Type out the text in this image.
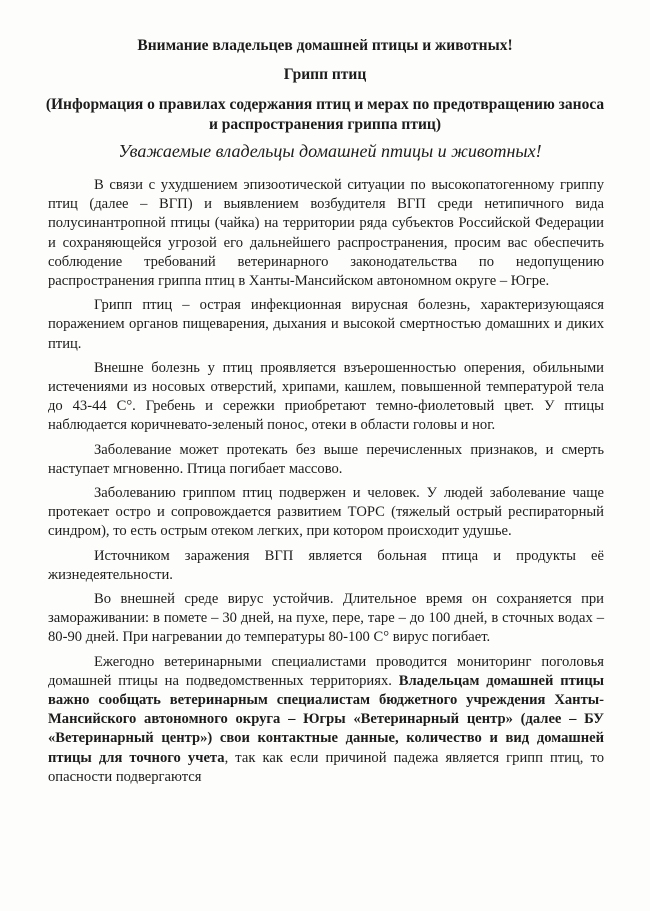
Внимание владельцев домашней птицы и животных!
Грипп птиц
(Информация о правилах содержания птиц и мерах по предотвращению заноса и распространения гриппа птиц)
Уважаемые владельцы домашней птицы и животных!

В связи с ухудшением эпизоотической ситуации по высокопатогенному гриппу птиц (далее – ВГП) и выявлением возбудителя ВГП среди нетипичного вида полусинантропной птицы (чайка) на территории ряда субъектов Российской Федерации и сохраняющейся угрозой его дальнейшего распространения, просим вас обеспечить соблюдение требований ветеринарного законодательства по недопущению распространения гриппа птиц в Ханты-Мансийском автономном округе – Югре.

Грипп птиц – острая инфекционная вирусная болезнь, характеризующаяся поражением органов пищеварения, дыхания и высокой смертностью домашних и диких птиц.

Внешне болезнь у птиц проявляется взъерошенностью оперения, обильными истечениями из носовых отверстий, хрипами, кашлем, повышенной температурой тела до 43-44 С°. Гребень и сережки приобретают темно-фиолетовый цвет. У птицы наблюдается коричневато-зеленый понос, отеки в области головы и ног.

Заболевание может протекать без выше перечисленных признаков, и смерть наступает мгновенно. Птица погибает массово.

Заболеванию гриппом птиц подвержен и человек. У людей заболевание чаще протекает остро и сопровождается развитием ТОРС (тяжелый острый респираторный синдром), то есть острым отеком легких, при котором происходит удушье.

Источником заражения ВГП является больная птица и продукты её жизнедеятельности.

Во внешней среде вирус устойчив. Длительное время он сохраняется при замораживании: в помете – 30 дней, на пухе, пере, таре – до 100 дней, в сточных водах – 80-90 дней. При нагревании до температуры 80-100 С° вирус погибает.

Ежегодно ветеринарными специалистами проводится мониторинг поголовья домашней птицы на подведомственных территориях. Владельцам домашней птицы важно сообщать ветеринарным специалистам бюджетного учреждения Ханты-Мансийского автономного округа – Югры «Ветеринарный центр» (далее – БУ «Ветеринарный центр») свои контактные данные, количество и вид домашней птицы для точного учета, так как если причиной падежа является грипп птиц, то опасности подвергаются
